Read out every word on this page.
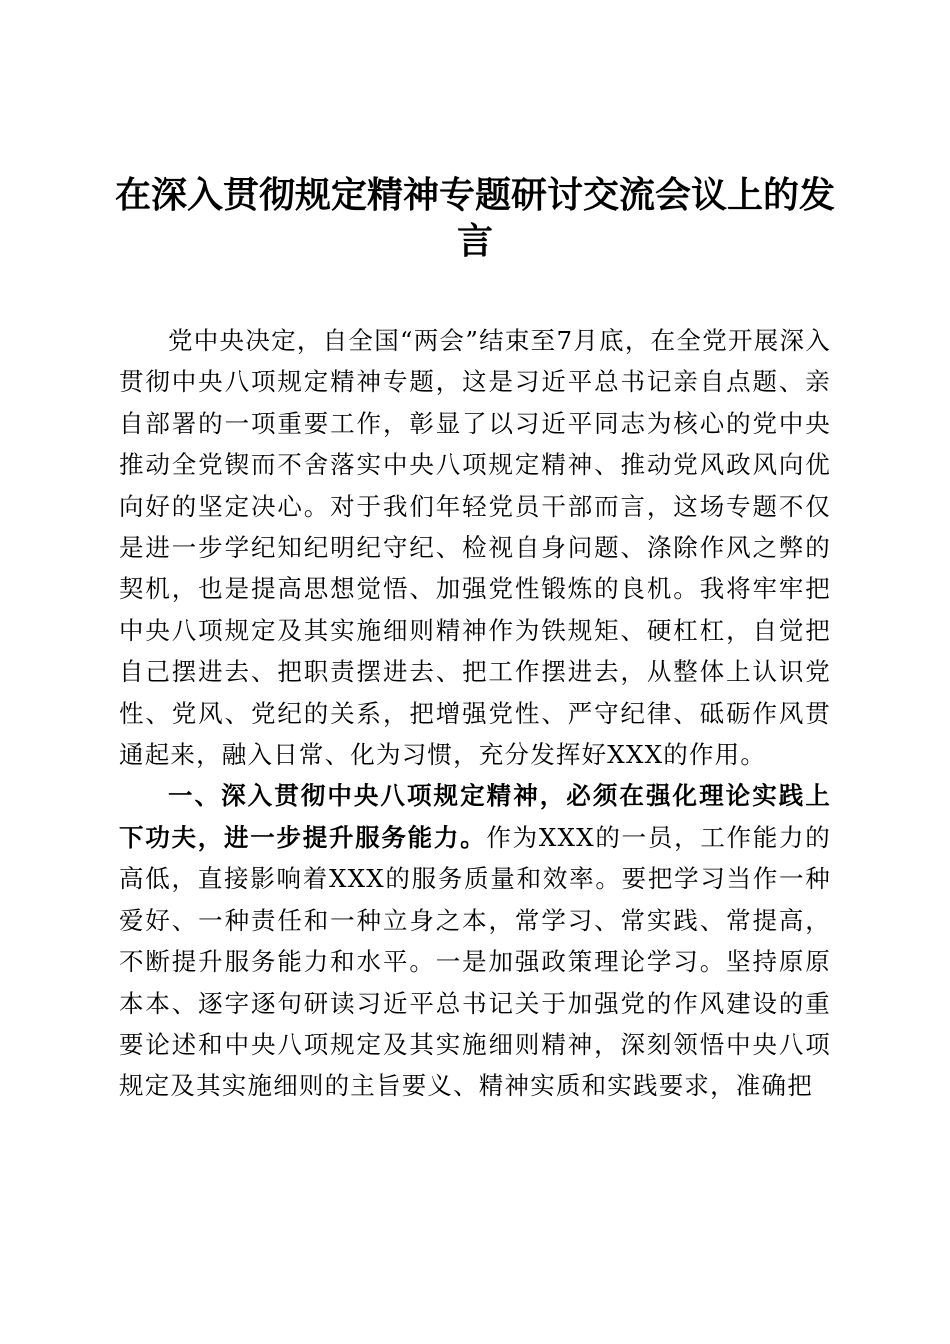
在深入贯彻规定精神专题研讨交流会议上的发言

党中央决定，自全国“两会”结束至7月底，在全党开展深入贯彻中央八项规定精神专题，这是习近平总书记亲自点题、亲自部署的一项重要工作，彰显了以习近平同志为核心的党中央推动全党锲而不舍落实中央八项规定精神、推动党风政风向优向好的坚定决心。对于我们年轻党员干部而言，这场专题不仅是进一步学纪知纪明纪守纪、检视自身问题、涤除作风之弊的契机，也是提高思想觉悟、加强党性锻炼的良机。我将牢牢把中央八项规定及其实施细则精神作为铁规矩、硬杠杠，自觉把自己摆进去、把职责摆进去、把工作摆进去，从整体上认识党性、党风、党纪的关系，把增强党性、严守纪律、砥砺作风贯通起来，融入日常、化为习惯，充分发挥好XXX的作用。

一、深入贯彻中央八项规定精神，必须在强化理论实践上下功夫，进一步提升服务能力。作为XXX的一员，工作能力的高低，直接影响着XXX的服务质量和效率。要把学习当作一种爱好、一种责任和一种立身之本，常学习、常实践、常提高，不断提升服务能力和水平。一是加强政策理论学习。坚持原原本本、逐字逐句研读习近平总书记关于加强党的作风建设的重要论述和中央八项规定及其实施细则精神，深刻领悟中央八项规定及其实施细则的主旨要义、精神实质和实践要求，准确把
